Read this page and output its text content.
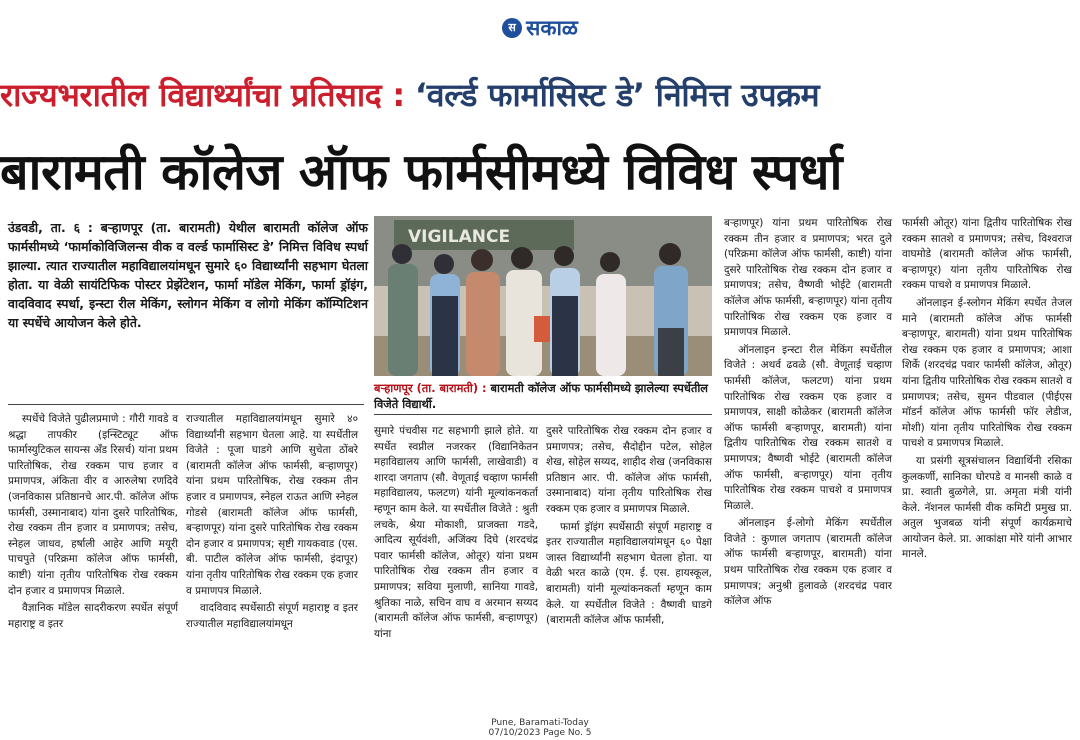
स सकाळ
राज्यभरातील विद्यार्थ्यांचा प्रतिसाद : ‘वर्ल्ड फार्मासिस्ट डे’ निमित्त उपक्रम
बारामती कॉलेज ऑफ फार्मसीमध्ये विविध स्पर्धा
उंडवडी, ता. ६ : बऱ्हाणपूर (ता. बारामती) येथील बारामती कॉलेज ऑफ फार्मसीमध्ये ‘फार्माकोविजिलन्स वीक व वर्ल्ड फार्मासिस्ट डे’ निमित्त विविध स्पर्धा झाल्या. त्यात राज्यातील महाविद्यालयांमधून सुमारे ६० विद्यार्थ्यांनी सहभाग घेतला होता. या वेळी सायंटिफिक पोस्टर प्रेझेंटेशन, फार्मा मॉडेल मेकिंग, फार्मा ड्रॉइंग, वादविवाद स्पर्धा, इन्स्टा रील मेकिंग, स्लोगन मेकिंग व लोगो मेकिंग कॉम्पिटिशन या स्पर्धेचे आयोजन केले होते.
VIGILANCE
बऱ्हाणपूर (ता. बारामती) : बारामती कॉलेज ऑफ फार्मसीमध्ये झालेल्या स्पर्धेतील विजेते विद्यार्थी.

स्पर्धेचे विजेते पुढीलप्रमाणे : गौरी गावडे व श्रद्धा तापकीर (इन्स्टिट्यूट ऑफ फार्मास्युटिकल सायन्स अँड रिसर्च) यांना प्रथम पारितोषिक, रोख रक्कम पाच हजार व प्रमाणपत्र, अंकिता वीर व आरुलेषा रणदिवे (जनविकास प्रतिष्ठानचे आर.पी. कॉलेज ऑफ फार्मसी, उस्मानाबाद) यांना दुसरे पारितोषिक, रोख रक्कम तीन हजार व प्रमाणपत्र; तसेच, स्नेहल जाधव, हर्षाली आहेर आणि मयूरी पाचपुते (परिक्रमा कॉलेज ऑफ फार्मसी, काष्टी) यांना तृतीय पारितोषिक रोख रक्कम दोन हजार व प्रमाणपत्र मिळाले.

वैज्ञानिक मॉडेल सादरीकरण स्पर्धेत संपूर्ण महाराष्ट्र व इतर

राज्यातील महाविद्यालयांमधून सुमारे ४० विद्यार्थ्यांनी सहभाग घेतला आहे. या स्पर्धेतील विजेते : पूजा घाडगे आणि सुचेता ठोंबरे (बारामती कॉलेज ऑफ फार्मसी, बऱ्हाणपूर) यांना प्रथम पारितोषिक, रोख रक्कम तीन हजार व प्रमाणपत्र, स्नेहल राऊत आणि स्नेहल गोडसे (बारामती कॉलेज ऑफ फार्मसी, बऱ्हाणपूर) यांना दुसरे पारितोषिक रोख रक्कम दोन हजार व प्रमाणपत्र; सृष्टी गायकवाड (एस. बी. पाटील कॉलेज ऑफ फार्मसी, इंदापूर) यांना तृतीय पारितोषिक रोख रक्कम एक हजार व प्रमाणपत्र मिळाले.

वादविवाद स्पर्धेसाठी संपूर्ण महाराष्ट्र व इतर राज्यातील महाविद्यालयांमधून

सुमारे पंचवीस गट सहभागी झाले होते. या स्पर्धेत स्वप्नील नजरकर (विद्यानिकेतन महाविद्यालय आणि फार्मसी, लाखेवाडी) व शारदा जगताप (सौ. वेणूताई चव्हाण फार्मसी महाविद्यालय, फलटण) यांनी मूल्यांकनकर्ता म्हणून काम केले. या स्पर्धेतील विजेते : श्रुती लचके, श्रेया मोकाशी, प्राजक्ता गडदे, आदित्य सूर्यवंशी, अजिंक्य दिघे (शरदचंद्र पवार फार्मसी कॉलेज, ओतूर) यांना प्रथम पारितोषिक रोख रक्कम तीन हजार व प्रमाणपत्र; सविया मुलाणी, सानिया गावडे, श्रुतिका नाळे, सचिन वाघ व अरमान सय्यद (बारामती कॉलेज ऑफ फार्मसी, बऱ्हाणपूर) यांना

दुसरे पारितोषिक रोख रक्कम दोन हजार व प्रमाणपत्र; तसेच, सैदोद्दीन पटेल, सोहेल शेख, सोहेल सय्यद, शाहीद शेख (जनविकास प्रतिष्ठान आर. पी. कॉलेज ऑफ फार्मसी, उस्मानाबाद) यांना तृतीय पारितोषिक रोख रक्कम एक हजार व प्रमाणपत्र मिळाले.

फार्मा ड्रॉइंग स्पर्धेसाठी संपूर्ण महाराष्ट्र व इतर राज्यातील महाविद्यालयांमधून ६० पेक्षा जास्त विद्यार्थ्यांनी सहभाग घेतला होता. या वेळी भरत काळे (एम. ई. एस. हायस्कूल, बारामती) यांनी मूल्यांकनकर्ता म्हणून काम केले. या स्पर्धेतील विजेते : वैष्णवी घाडगे (बारामती कॉलेज ऑफ फार्मसी,

बऱ्हाणपूर) यांना प्रथम पारितोषिक रोख रक्कम तीन हजार व प्रमाणपत्र; भरत दुले (परिक्रमा कॉलेज ऑफ फार्मसी, काष्टी) यांना दुसरे पारितोषिक रोख रक्कम दोन हजार व प्रमाणपत्र; तसेच, वैष्णवी भोईटे (बारामती कॉलेज ऑफ फार्मसी, बऱ्हाणपूर) यांना तृतीय पारितोषिक रोख रक्कम एक हजार व प्रमाणपत्र मिळाले.

ऑनलाइन इन्स्टा रील मेकिंग स्पर्धेतील विजेते : अथर्व ढवळे (सौ. वेणूताई चव्हाण फार्मसी कॉलेज, फलटण) यांना प्रथम पारितोषिक रोख रक्कम एक हजार व प्रमाणपत्र, साक्षी कोळेकर (बारामती कॉलेज ऑफ फार्मसी बऱ्हाणपूर, बारामती) यांना द्वितीय पारितोषिक रोख रक्कम सातशे व प्रमाणपत्र; वैष्णवी भोईटे (बारामती कॉलेज ऑफ फार्मसी, बऱ्हाणपूर) यांना तृतीय पारितोषिक रोख रक्कम पाचशे व प्रमाणपत्र मिळाले.

ऑनलाइन ई-लोगो मेकिंग स्पर्धेतील विजेते : कुणाल जगताप (बारामती कॉलेज ऑफ फार्मसी बऱ्हाणपूर, बारामती) यांना प्रथम पारितोषिक रोख रक्कम एक हजार व प्रमाणपत्र; अनुश्री हुलावळे (शरदचंद्र पवार कॉलेज ऑफ

फार्मसी ओतूर) यांना द्वितीय पारितोषिक रोख रक्कम सातशे व प्रमाणपत्र; तसेच, विश्वराज वाघमोडे (बारामती कॉलेज ऑफ फार्मसी, बऱ्हाणपूर) यांना तृतीय पारितोषिक रोख रक्कम पाचशे व प्रमाणपत्र मिळाले.

ऑनलाइन ई-स्लोगन मेकिंग स्पर्धेत तेजल माने (बारामती कॉलेज ऑफ फार्मसी बऱ्हाणपूर, बारामती) यांना प्रथम पारितोषिक रोख रक्कम एक हजार व प्रमाणपत्र; आशा शिर्के (शरदचंद्र पवार फार्मसी कॉलेज, ओतूर) यांना द्वितीय पारितोषिक रोख रक्कम सातशे व प्रमाणपत्र; तसेच, सुमन पीडवाल (पीईएस मॉडर्न कॉलेज ऑफ फार्मसी फॉर लेडीज, मोशी) यांना तृतीय पारितोषिक रोख रक्कम पाचशे व प्रमाणपत्र मिळाले.

या प्रसंगी सूत्रसंचालन विद्यार्थिनी रसिका कुलकर्णी, सानिका घोरपडे व मानसी काळे व प्रा. स्वाती बुळगेले, प्रा. अमृता मंत्री यांनी केले. नॅशनल फार्मसी वीक कमिटी प्रमुख प्रा. अतुल भुजबळ यांनी संपूर्ण कार्यक्रमाचे आयोजन केले. प्रा. आकांक्षा मोरे यांनी आभार मानले.

Pune, Baramati-Today
07/10/2023 Page No. 5
